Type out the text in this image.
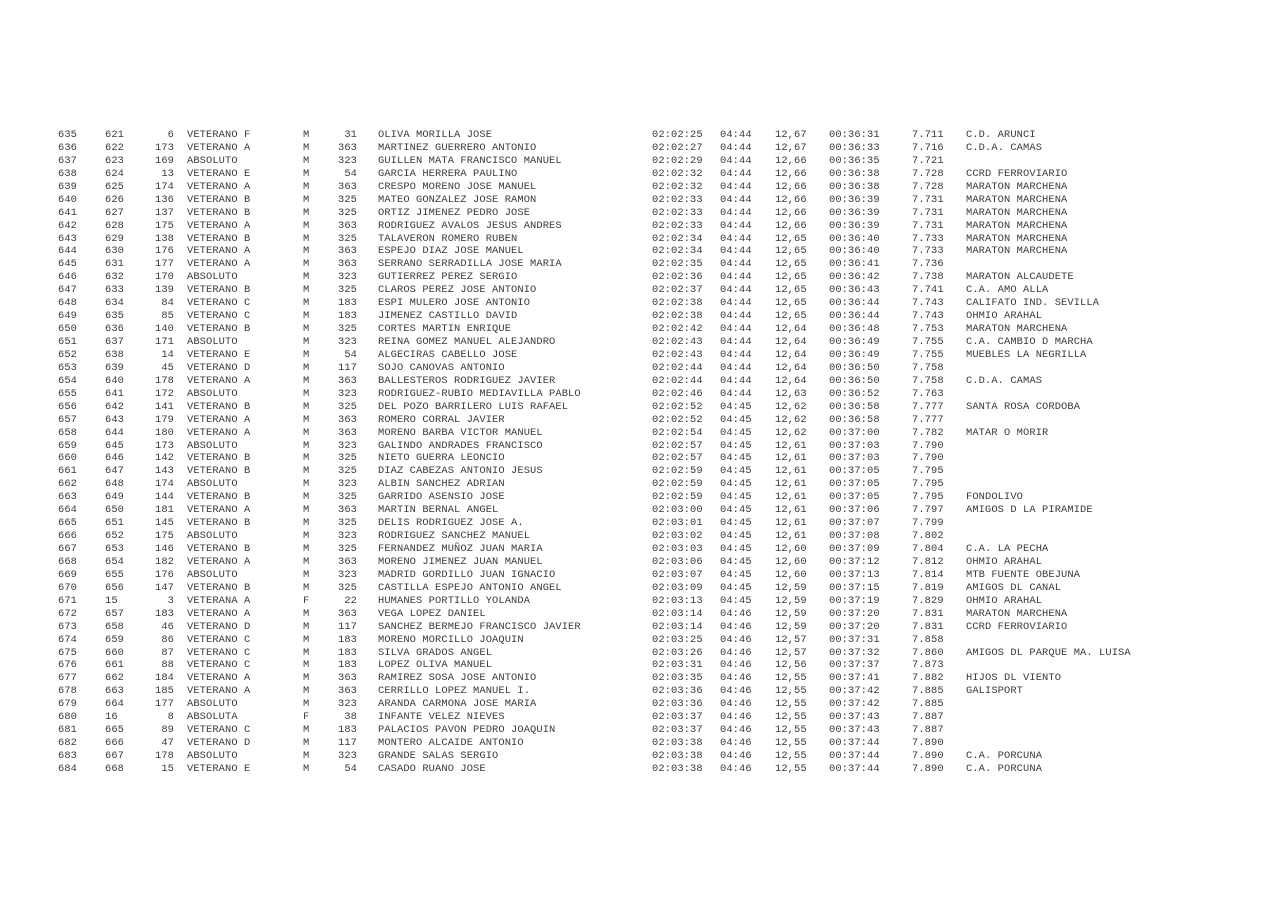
635	621	6 VETERANO F	M	31 OLIVA MORILLA JOSE	02:02:25 04:44 12,67 00:36:31	7.711 C.D. ARUNCI
636	622	173 VETERANO A	M	363 MARTINEZ GUERRERO ANTONIO	02:02:27 04:44 12,67 00:36:33	7.716 C.D.A. CAMAS
637	623	169 ABSOLUTO	M	323 GUILLEN MATA FRANCISCO MANUEL	02:02:29 04:44 12,66 00:36:35	7.721
638	624	13 VETERANO E	M	54 GARCIA HERRERA PAULINO	02:02:32 04:44 12,66 00:36:38	7.728 CCRD FERROVIARIO
639	625	174 VETERANO A	M	363 CRESPO MORENO JOSE MANUEL	02:02:32 04:44 12,66 00:36:38	7.728 MARATON MARCHENA
640	626	136 VETERANO B	M	325 MATEO GONZALEZ JOSE RAMON	02:02:33 04:44 12,66 00:36:39	7.731 MARATON MARCHENA
641	627	137 VETERANO B	M	325 ORTIZ JIMENEZ PEDRO JOSE	02:02:33 04:44 12,66 00:36:39	7.731 MARATON MARCHENA
642	628	175 VETERANO A	M	363 RODRIGUEZ AVALOS JESUS ANDRES	02:02:33 04:44 12,66 00:36:39	7.731 MARATON MARCHENA
643	629	138 VETERANO B	M	325 TALAVERON ROMERO RUBEN	02:02:34 04:44 12,65 00:36:40	7.733 MARATON MARCHENA
644	630	176 VETERANO A	M	363 ESPEJO DIAZ JOSE MANUEL	02:02:34 04:44 12,65 00:36:40	7.733 MARATON MARCHENA
645	631	177 VETERANO A	M	363 SERRANO SERRADILLA JOSE MARIA	02:02:35 04:44 12,65 00:36:41	7.736
646	632	170 ABSOLUTO	M	323 GUTIERREZ PEREZ SERGIO	02:02:36 04:44 12,65 00:36:42	7.738 MARATON ALCAUDETE
647	633	139 VETERANO B	M	325 CLAROS PEREZ JOSE ANTONIO	02:02:37 04:44 12,65 00:36:43	7.741 C.A. AMO ALLA
648	634	84 VETERANO C	M	183 ESPI MULERO JOSE ANTONIO	02:02:38 04:44 12,65 00:36:44	7.743 CALIFATO IND. SEVILLA
649	635	85 VETERANO C	M	183 JIMENEZ CASTILLO DAVID	02:02:38 04:44 12,65 00:36:44	7.743 OHMIO ARAHAL
650	636	140 VETERANO B	M	325 CORTES MARTIN ENRIQUE	02:02:42 04:44 12,64 00:36:48	7.753 MARATON MARCHENA
651	637	171 ABSOLUTO	M	323 REINA GOMEZ MANUEL ALEJANDRO	02:02:43 04:44 12,64 00:36:49	7.755 C.A. CAMBIO D MARCHA
652	638	14 VETERANO E	M	54 ALGECIRAS CABELLO JOSE	02:02:43 04:44 12,64 00:36:49	7.755 MUEBLES LA NEGRILLA
653	639	45 VETERANO D	M	117 SOJO CANOVAS ANTONIO	02:02:44 04:44 12,64 00:36:50	7.758
654	640	178 VETERANO A	M	363 BALLESTEROS RODRIGUEZ JAVIER	02:02:44 04:44 12,64 00:36:50	7.758 C.D.A. CAMAS
655	641	172 ABSOLUTO	M	323 RODRIGUEZ-RUBIO MEDIAVILLA PABLO	02:02:46 04:44 12,63 00:36:52	7.763
656	642	141 VETERANO B	M	325 DEL POZO BARRILERO LUIS RAFAEL	02:02:52 04:45 12,62 00:36:58	7.777 SANTA ROSA CORDOBA
657	643	179 VETERANO A	M	363 ROMERO CORRAL JAVIER	02:02:52 04:45 12,62 00:36:58	7.777
658	644	180 VETERANO A	M	363 MORENO BARBA VICTOR MANUEL	02:02:54 04:45 12,62 00:37:00	7.782 MATAR O MORIR
659	645	173 ABSOLUTO	M	323 GALINDO ANDRADES FRANCISCO	02:02:57 04:45 12,61 00:37:03	7.790
660	646	142 VETERANO B	M	325 NIETO GUERRA LEONCIO	02:02:57 04:45 12,61 00:37:03	7.790
661	647	143 VETERANO B	M	325 DIAZ CABEZAS ANTONIO JESUS	02:02:59 04:45 12,61 00:37:05	7.795
662	648	174 ABSOLUTO	M	323 ALBIN SANCHEZ ADRIAN	02:02:59 04:45 12,61 00:37:05	7.795
663	649	144 VETERANO B	M	325 GARRIDO ASENSIO JOSE	02:02:59 04:45 12,61 00:37:05	7.795 FONDOLIVO
664	650	181 VETERANO A	M	363 MARTIN BERNAL ANGEL	02:03:00 04:45 12,61 00:37:06	7.797 AMIGOS D LA PIRAMIDE
665	651	145 VETERANO B	M	325 DELIS RODRIGUEZ JOSE A.	02:03:01 04:45 12,61 00:37:07	7.799
666	652	175 ABSOLUTO	M	323 RODRIGUEZ SANCHEZ MANUEL	02:03:02 04:45 12,61 00:37:08	7.802
667	653	146 VETERANO B	M	325 FERNANDEZ MUÑOZ JUAN MARIA	02:03:03 04:45 12,60 00:37:09	7.804 C.A. LA PECHA
668	654	182 VETERANO A	M	363 MORENO JIMENEZ JUAN MANUEL	02:03:06 04:45 12,60 00:37:12	7.812 OHMIO ARAHAL
669	655	176 ABSOLUTO	M	323 MADRID GORDILLO JUAN IGNACIO	02:03:07 04:45 12,60 00:37:13	7.814 MTB FUENTE OBEJUNA
670	656	147 VETERANO B	M	325 CASTILLA ESPEJO ANTONIO ANGEL	02:03:09 04:45 12,59 00:37:15	7.819 AMIGOS DL CANAL
671	15	3 VETERANA A	F	22 HUMANES PORTILLO YOLANDA	02:03:13 04:45 12,59 00:37:19	7.829 OHMIO ARAHAL
672	657	183 VETERANO A	M	363 VEGA LOPEZ DANIEL	02:03:14 04:46 12,59 00:37:20	7.831 MARATON MARCHENA
673	658	46 VETERANO D	M	117 SANCHEZ BERMEJO FRANCISCO JAVIER	02:03:14 04:46 12,59 00:37:20	7.831 CCRD FERROVIARIO
674	659	86 VETERANO C	M	183 MORENO MORCILLO JOAQUIN	02:03:25 04:46 12,57 00:37:31	7.858
675	660	87 VETERANO C	M	183 SILVA GRADOS ANGEL	02:03:26 04:46 12,57 00:37:32	7.860 AMIGOS DL PARQUE MA. LUISA
676	661	88 VETERANO C	M	183 LOPEZ OLIVA MANUEL	02:03:31 04:46 12,56 00:37:37	7.873
677	662	184 VETERANO A	M	363 RAMIREZ SOSA JOSE ANTONIO	02:03:35 04:46 12,55 00:37:41	7.882 HIJOS DL VIENTO
678	663	185 VETERANO A	M	363 CERRILLO LOPEZ MANUEL I.	02:03:36 04:46 12,55 00:37:42	7.885 GALISPORT
679	664	177 ABSOLUTO	M	323 ARANDA CARMONA JOSE MARIA	02:03:36 04:46 12,55 00:37:42	7.885
680	16	8 ABSOLUTA	F	38 INFANTE VELEZ NIEVES	02:03:37 04:46 12,55 00:37:43	7.887
681	665	89 VETERANO C	M	183 PALACIOS PAVON PEDRO JOAQUIN	02:03:37 04:46 12,55 00:37:43	7.887
682	666	47 VETERANO D	M	117 MONTERO ALCAIDE ANTONIO	02:03:38 04:46 12,55 00:37:44	7.890
683	667	178 ABSOLUTO	M	323 GRANDE SALAS SERGIO	02:03:38 04:46 12,55 00:37:44	7.890 C.A. PORCUNA
684	668	15 VETERANO E	M	54 CASADO RUANO JOSE	02:03:38 04:46 12,55 00:37:44	7.890 C.A. PORCUNA
